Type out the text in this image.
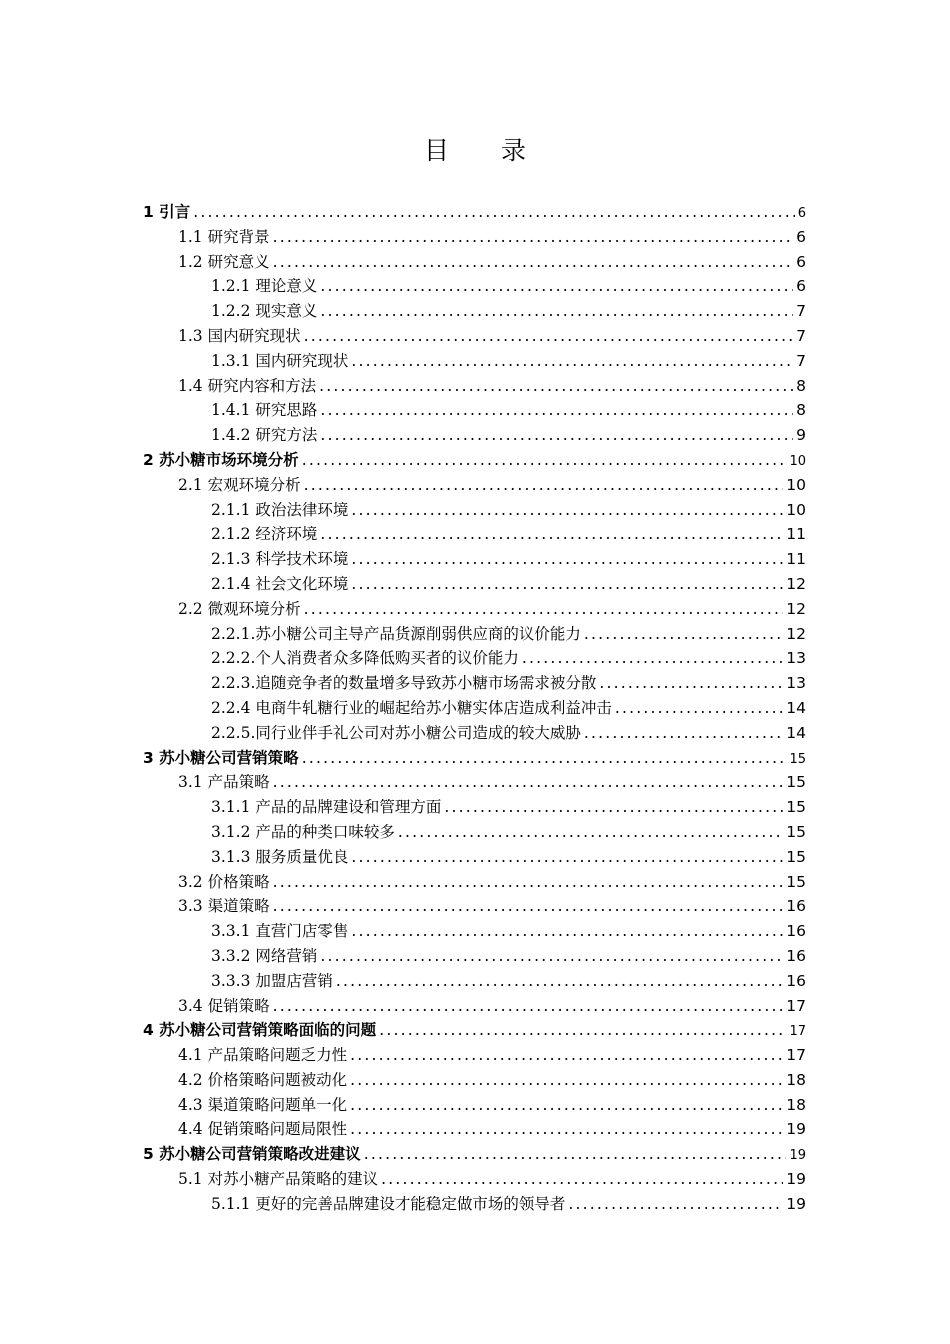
目 录
1 引言 .....	6
1.1 研究背景 .....	6
1.2 研究意义 .....	6
1.2.1 理论意义 .....	6
1.2.2 现实意义 .....	7
1.3 国内研究现状 .....	7
1.3.1 国内研究现状 .....	7
1.4 研究内容和方法 .....	8
1.4.1 研究思路 .....	8
1.4.2 研究方法 .....	9
2 苏小糖市场环境分析 .....	10
2.1 宏观环境分析 .....	10
2.1.1 政治法律环境 .....	10
2.1.2 经济环境 .....	11
2.1.3 科学技术环境 .....	11
2.1.4 社会文化环境 .....	12
2.2 微观环境分析 .....	12
2.2.1.苏小糖公司主导产品货源削弱供应商的议价能力 .....	12
2.2.2.个人消费者众多降低购买者的议价能力 .....	13
2.2.3.追随竞争者的数量增多导致苏小糖市场需求被分散 .....	13
2.2.4 电商牛轧糖行业的崛起给苏小糖实体店造成利益冲击 .....	14
2.2.5.同行业伴手礼公司对苏小糖公司造成的较大威胁 .....	14
3 苏小糖公司营销策略 .....	15
3.1 产品策略 .....	15
3.1.1 产品的品牌建设和管理方面 .....	15
3.1.2 产品的种类口味较多 .....	15
3.1.3 服务质量优良 .....	15
3.2 价格策略 .....	15
3.3 渠道策略 .....	16
3.3.1 直营门店零售 .....	16
3.3.2 网络营销 .....	16
3.3.3 加盟店营销 .....	16
3.4 促销策略 .....	17
4 苏小糖公司营销策略面临的问题 .....	17
4.1 产品策略问题乏力性 .....	17
4.2 价格策略问题被动化 .....	18
4.3 渠道策略问题单一化 .....	18
4.4 促销策略问题局限性 .....	19
5 苏小糖公司营销策略改进建议 .....	19
5.1 对苏小糖产品策略的建议 .....	19
5.1.1 更好的完善品牌建设才能稳定做市场的领导者 .....	19
